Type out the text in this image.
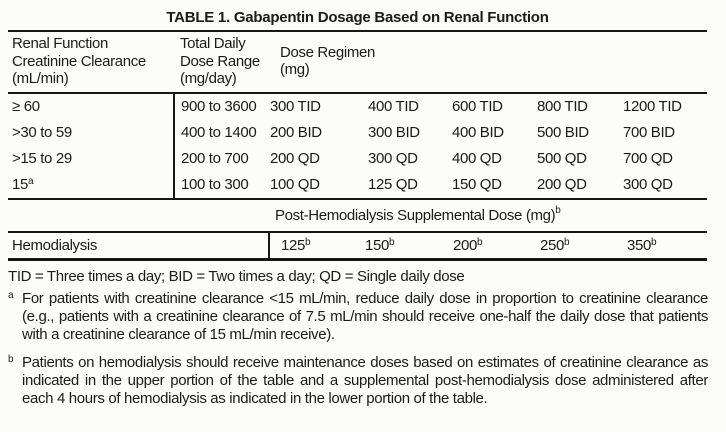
TABLE 1. Gabapentin Dosage Based on Renal Function
Renal Function
Creatinine Clearance
(mL/min)	Total Daily
Dose Range
(mg/day)	Dose Regimen
(mg)				

≥ 60	900 to 3600	300 TID	400 TID	600 TID	800 TID	1200 TID
>30 to 59	400 to 1400	200 BID	300 BID	400 BID	500 BID	700 BID
>15 to 29	200 to 700	200 QD	300 QD	400 QD	500 QD	700 QD
15$^a$	100 to 300	100 QD	125 QD	150 QD	200 QD	300 QD
Post-Hemodialysis Supplemental Dose (mg)$^b$
Hemodialysis	125$^b$	150$^b$	200$^b$	250$^b$	350$^b$
TID = Three times a day; BID = Two times a day; QD = Single daily dose
a For patients with creatinine clearance <15 mL/min, reduce daily dose in proportion to creatinine clearance (e.g., patients with a creatinine clearance of 7.5 mL/min should receive one-half the daily dose that patients with a creatinine clearance of 15 mL/min receive).
b Patients on hemodialysis should receive maintenance doses based on estimates of creatinine clearance as indicated in the upper portion of the table and a supplemental post-hemodialysis dose administered after each 4 hours of hemodialysis as indicated in the lower portion of the table.
